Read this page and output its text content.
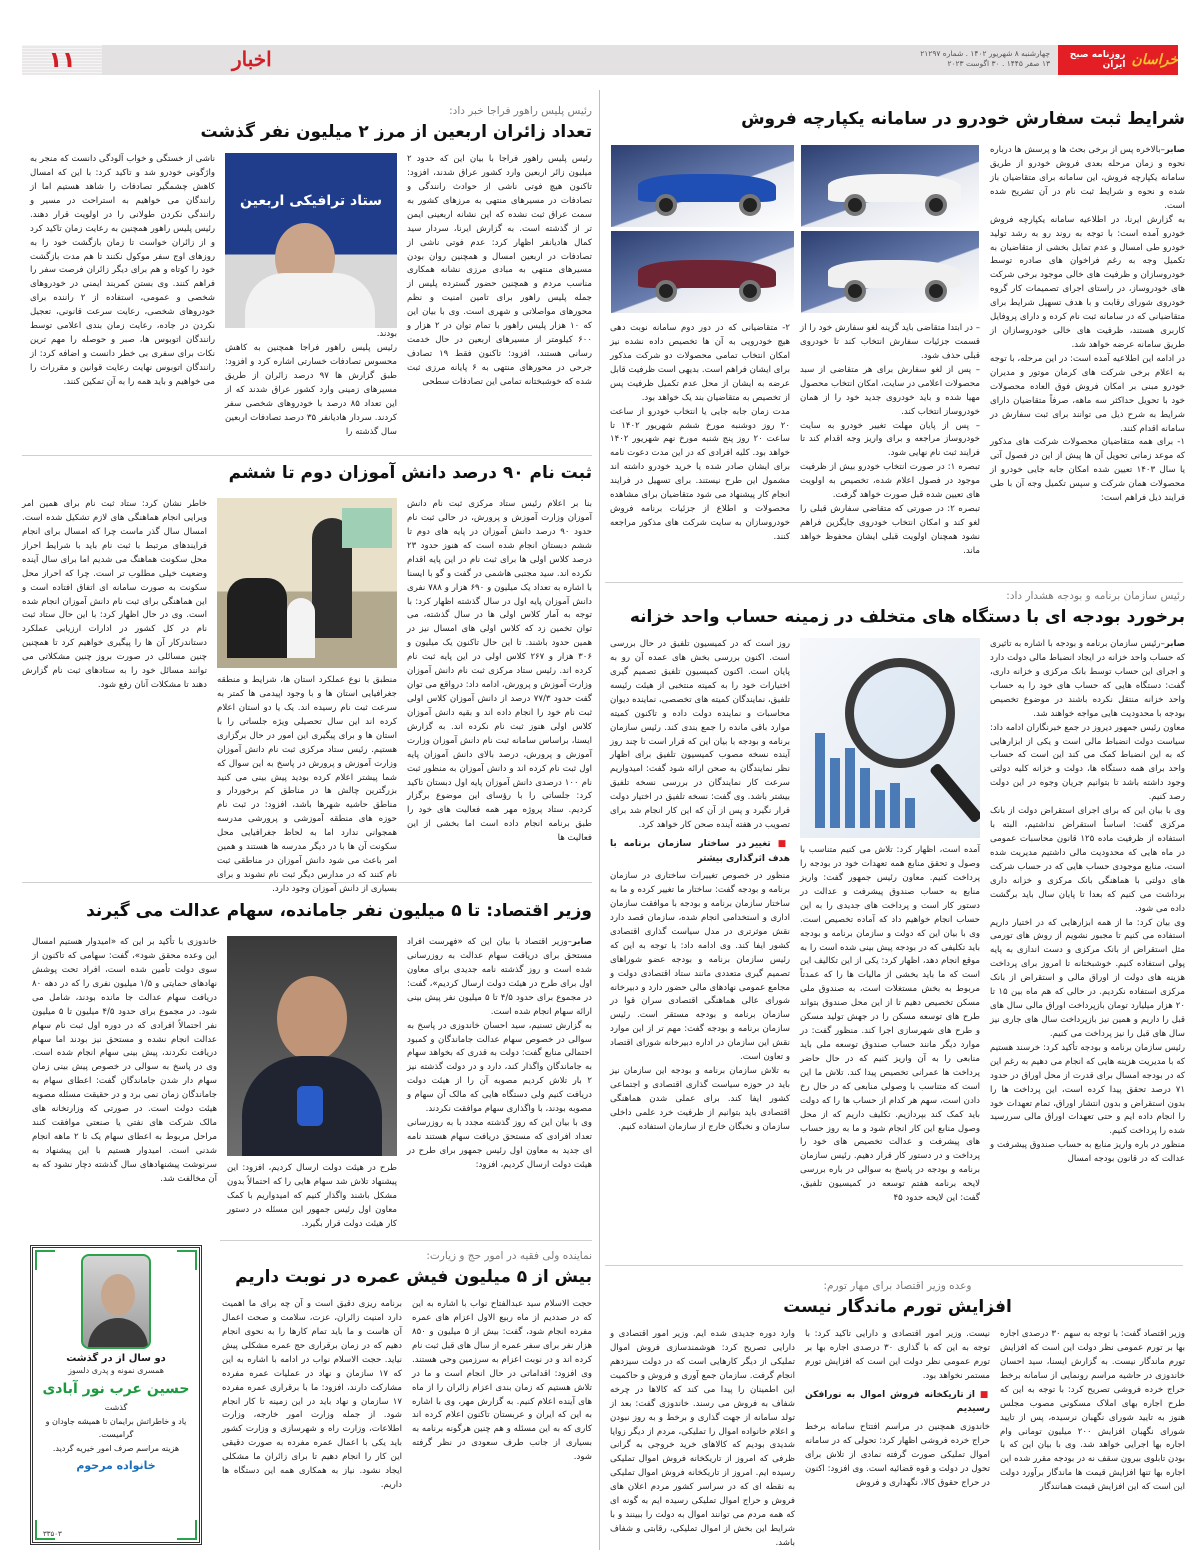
خراسان
روزنامه صبح ایران
چهارشنبه ۸ شهریور ۱۴۰۲ . شماره ۲۱۲۹۷
۱۳ صفر ۱۴۴۵ . ۳۰ اگوست ۲۰۲۳
اخبار
۱۱
شرایط ثبت سفارش خودرو در سامانه یکپارچه فروش
صابر–بالاخره پس از برخی بحث ها و پرسش ها درباره نحوه و زمان مرحله بعدی فروش خودرو از طریق سامانه یکپارچه فروش، این سامانه برای متقاضیان باز شده و نحوه و شرایط ثبت نام در آن تشریح شده است.
به گزارش ایرنا، در اطلاعیه سامانه یکپارچه فروش خودرو آمده است: با توجه به روند رو به رشد تولید خودرو طی امسال و عدم تمایل بخشی از متقاضیان به تکمیل وجه به رغم فراخوان های صادره توسط خودروسازان و ظرفیت های خالی موجود برخی شرکت های خودروساز، در راستای اجرای تصمیمات کار گروه خودروی شورای رقابت و با هدف تسهیل شرایط برای متقاضیانی که در سامانه ثبت نام کرده و دارای پروفایل کاربری هستند، ظرفیت های خالی خودروسازان از طریق سامانه عرضه خواهد شد.
در ادامه این اطلاعیه آمده است: در این مرحله، با توجه به اعلام برخی شرکت های کرمان موتور و مدیران خودرو مبنی بر امکان فروش فوق العاده محصولات خود با تحویل حداکثر سه ماهه، صرفاً متقاضیان دارای شرایط به شرح ذیل می توانند برای ثبت سفارش در سامانه اقدام کنند.
۱- برای همه متقاضیان محصولات شرکت های مذکور که موعد زمانی تحویل آن ها پیش از این در فصول آتی یا سال ۱۴۰۳ تعیین شده امکان جابه جایی خودرو از محصولات همان شرکت و سپس تکمیل وجه آن با طی فرایند ذیل فراهم است:
– در ابتدا متقاضی باید گزینه لغو سفارش خود را از قسمت جزئیات سفارش انتخاب کند تا خودروی قبلی حذف شود.
– پس از لغو سفارش برای هر متقاضی از سبد محصولات اعلامی در سایت، امکان انتخاب محصول مهیا شده و باید خودروی جدید خود را از همان خودروساز انتخاب کند.
– پس از پایان مهلت تغییر خودرو به سایت خودروساز مراجعه و برای واریز وجه اقدام کند تا فرایند ثبت نام نهایی شود.
تبصره ۱: در صورت انتخاب خودرو بیش از ظرفیت موجود در فصول اعلام شده، تخصیص به اولویت های تعیین شده قبل صورت خواهد گرفت.
تبصره ۲: در صورتی که متقاضی سفارش قبلی را لغو کند و امکان انتخاب خودروی جایگزین فراهم نشود همچنان اولویت قبلی ایشان محفوظ خواهد ماند.
۲- متقاضیانی که در دور دوم سامانه نوبت دهی هیچ خودرویی به آن ها تخصیص داده نشده نیز امکان انتخاب تمامی محصولات دو شرکت مذکور برای ایشان فراهم است. بدیهی است ظرفیت قابل عرضه به ایشان از محل عدم تکمیل ظرفیت پس از تخصیص به متقاضیان بند یک خواهد بود.
مدت زمان جابه جایی یا انتخاب خودرو از ساعت ۲۰ روز دوشنبه مورخ ششم شهریور ۱۴۰۲ تا ساعت ۲۰ روز پنج شنبه مورخ نهم شهریور ۱۴۰۲ خواهد بود. کلیه افرادی که در این مدت دعوت نامه برای ایشان صادر شده یا خرید خودرو داشته اند مشمول این طرح نیستند. برای تسهیل در فرایند انجام کار پیشنهاد می شود متقاضیان برای مشاهده محصولات و اطلاع از جزئیات برنامه فروش خودروسازان به سایت شرکت های مذکور مراجعه کنند.
رئیس پلیس راهور فراجا خبر داد:
تعداد زائران اربعین از مرز ۲ میلیون نفر گذشت
رئیس پلیس راهور فراجا با بیان این که حدود ۲ میلیون زائر اربعین وارد کشور عراق شدند، افزود: تاکنون هیچ فوتی ناشی از حوادث رانندگی و تصادفات در مسیرهای منتهی به مرزهای کشور به سمت عراق ثبت نشده که این نشانه اربعینی ایمن تر از گذشته است. به گزارش ایرنا، سردار سید کمال هادیانفر اظهار کرد: عدم فوتی ناشی از تصادفات در اربعین امسال و همچنین روان بودن مسیرهای منتهی به مبادی مرزی نشانه همکاری مناسب مردم و همچنین حضور گسترده پلیس از جمله پلیس راهور برای تامین امنیت و نظم محورهای مواصلاتی و شهری است. وی با بیان این که ۱۰ هزار پلیس راهور با تمام توان در ۲ هزار و ۶۰۰ کیلومتر از مسیرهای اربعین در حال خدمت رسانی هستند، افزود: تاکنون فقط ۱۹ تصادف جرحی در محورهای منتهی به ۶ پایانه مرزی ثبت شده که خوشبختانه تمامی این تصادفات سطحی
ستاد ترافیکی اربعین
بودند.
رئیس پلیس راهور فراجا همچنین به کاهش محسوس تصادفات خسارتی اشاره کرد و افزود: طبق گزارش ها ۹۷ درصد زائران از طریق مسیرهای زمینی وارد کشور عراق شدند که از این تعداد ۸۵ درصد با خودروهای شخصی سفر کردند. سردار هادیانفر ۳۵ درصد تصادفات اربعین سال گذشته را
ناشی از خستگی و خواب آلودگی دانست که منجر به واژگونی خودرو شد و تاکید کرد: با این که امسال کاهش چشمگیر تصادفات را شاهد هستیم اما از رانندگان می خواهیم به استراحت در مسیر و رانندگی نکردن طولانی را در اولویت قرار دهند. رئیس پلیس راهور همچنین به رعایت زمان تاکید کرد و از زائران خواست تا زمان بازگشت خود را به روزهای اوج سفر موکول نکنند تا هم مدت بازگشت خود را کوتاه و هم برای دیگر زائران فرصت سفر را فراهم کنند. وی بستن کمربند ایمنی در خودروهای شخصی و عمومی، استفاده از ۲ راننده برای خودروهای شخصی، رعایت سرعت قانونی، تعجیل نکردن در جاده، رعایت زمان بندی اعلامی توسط رانندگان اتوبوس ها، صبر و حوصله را مهم ترین نکات برای سفری بی خطر دانست و اضافه کرد: از رانندگان اتوبوس نهایت رعایت قوانین و مقررات را می خواهیم و باید همه را به آن تمکین کنند.
ثبت نام ۹۰ درصد دانش آموزان دوم تا ششم
بنا بر اعلام رئیس ستاد مرکزی ثبت نام دانش آموزان وزارت آموزش و پرورش، در حالی ثبت نام حدود ۹۰ درصد دانش آموزان در پایه های دوم تا ششم دبستان انجام شده است که هنوز حدود ۲۳ درصد کلاس اولی ها برای ثبت نام در این پایه اقدام نکرده اند. سید مجتبی هاشمی در گفت و گو با ایسنا با اشاره به تعداد یک میلیون و ۶۹۰ هزار و ۷۸۸ نفری دانش آموزان پایه اول در سال گذشته اظهار کرد: با توجه به آمار کلاس اولی ها در سال گذشته، می توان تخمین زد که کلاس اولی های امسال نیز در همین حدود باشند. تا این حال تاکنون یک میلیون و ۳۰۶ هزار و ۲۶۷ کلاس اولی در این پایه ثبت نام کرده اند. رئیس ستاد مرکزی ثبت نام دانش آموزان وزارت آموزش و پرورش، ادامه داد: درواقع می توان گفت حدود ۷۷/۳ درصد از دانش آموزان کلاس اولی ثبت نام خود را انجام داده اند و بقیه دانش آموزان کلاس اولی هنوز ثبت نام نکرده اند. به گزارش ایسنا، براساس سامانه ثبت نام دانش آموزان وزارت آموزش و پرورش، درصد بالای دانش آموزان پایه اول ثبت نام کرده اند و دانش آموزان به منظور ثبت نام ۱۰۰ درصدی دانش آموزان پایه اول دبستان تاکید کرد: جلساتی را با رؤسای این موضوع برگزار کردیم. ستاد پروژه مهر همه فعالیت های خود را طبق برنامه انجام داده است اما بخشی از این فعالیت ها
منطبق با نوع عملکرد استان ها، شرایط و منطقه جغرافیایی استان ها و با وجود اپیدمی ها کمتر به سرعت ثبت نام رسیده اند. یک یا دو استان اعلام کرده اند این سال تحصیلی ویژه جلساتی را با استان ها و برای پیگیری این امور در حال برگزاری هستیم. رئیس ستاد مرکزی ثبت نام دانش آموزان وزارت آموزش و پرورش در پاسخ به این سوال که شما پیشتر اعلام کرده بودید پیش بینی می کنید بزرگترین چالش ها در مناطق کم برخوردار و مناطق حاشیه شهرها باشد، افزود: در ثبت نام حوزه های منطقه آموزشی و پرورشی مدرسه همجوانی ندارد اما به لحاظ جغرافیایی محل سکونت آن ها با در دیگر مدرسه ها هستند و همین امر باعث می شود دانش آموزان در مناطقی ثبت نام کنند که در مدارس دیگر ثبت نام نشوند و برای بسیاری از دانش آموزان وجود دارد.
خاطر نشان کرد: ستاد ثبت نام برای همین امر ویرایی انجام هماهنگی های لازم تشکیل شده است. امسال سال گذر ماست چرا که امسال برای انجام فرایندهای مرتبط با ثبت نام باید با شرایط احراز محل سکونت هماهنگ می شدیم اما برای سال آینده وضعیت خیلی مطلوب تر است. چرا که احراز محل سکونت به صورت سامانه ای اتفاق افتاده است و این هماهنگی برای ثبت نام دانش آموزان انجام شده است. وی در حال اظهار کرد: با این حال ستاد ثبت نام در کل کشور در ادارات ارزیابی عملکرد دستاندرکار آن ها را پیگیری خواهیم کرد تا همچنین چنین مسائلی در صورت بروز چنین مشکلاتی می توانند مسائل خود را به ستادهای ثبت نام گزارش دهند تا مشکلات آنان رفع شود.
رئیس سازمان برنامه و بودجه هشدار داد:
برخورد بودجه ای با دستگاه های متخلف در زمینه حساب واحد خزانه
صابر–رئیس سازمان برنامه و بودجه با اشاره به تاثیری که حساب واحد خزانه در ایجاد انضباط مالی دولت دارد و اجرای این حساب توسط بانک مرکزی و خزانه داری، گفت: دستگاه هایی که حساب های خود را به حساب واحد خزانه منتقل نکرده باشند در موضوع تخصیص بودجه با محدودیت هایی مواجه خواهند شد.
معاون رئیس جمهور دیروز در جمع خبرنگاران ادامه داد: سیاست دولت انضباط مالی است و یکی از ابزارهایی که به این انضباط کمک می کند این است که حساب واحد برای همه دستگاه ها، دولت و خزانه کلیه دولتی وجود داشته باشد تا بتوانیم جریان وجوه در این دولت رصد کنیم.
وی با بیان این که برای اجرای استقراض دولت از بانک مرکزی گفت: اساسأ استقراض نداشتیم، البته با استفاده از ظرفیت ماده ۱۲۵ قانون محاسبات عمومی در ماه هایی که محدودیت مالی داشتیم مدیریت شده است، منابع موجودی حساب هایی که در حساب شرکت های دولتی با هماهنگی بانک مرکزی و خزانه داری برداشت می کنیم که بعدا تا پایان سال باید برگشت داده می شود.
وی بیان کرد: ما از همه ابزارهایی که در اختیار داریم استفاده می کنیم تا مجبور نشویم از روش های تورمی مثل استقراض از بانک مرکزی و دست اندازی به پایه پولی استفاده کنیم. خوشبختانه تا امروز برای پرداخت هزینه های دولت از اوراق مالی و استقراض از بانک مرکزی استفاده نکردیم. در حالی که هم ماه بین ۱۵ تا ۲۰ هزار میلیارد تومان بازپرداخت اوراق مالی سال های قبل را داریم و همین نیز بازپرداخت سال های جاری نیز سال های قبل را نیز پرداخت می کنیم.
رئیس سازمان برنامه و بودجه تأکید کرد: خرسند هستیم که با مدیریت هزینه هایی که انجام می دهیم به رغم این که در بودجه امسال برای قدرت از محل اوراق در حدود ۷۱ درصد تحقق پیدا کرده است، این پرداخت ها را بدون استقراض و بدون انتشار اوراق، تمام تعهدات خود را انجام داده ایم و حتی تعهدات اوراق مالی سررسید شده را پرداخت کنیم.
منظور در باره واریز منابع به حساب صندوق پیشرفت و عدالت که در قانون بودجه امسال
آمده است، اظهار کرد: تلاش می کنیم متناسب با وصول و تحقق منابع همه تعهدات خود در بودجه را پرداخت کنیم. معاون رئیس جمهور گفت: واریز منابع به حساب صندوق پیشرفت و عدالت در دستور کار است و پرداخت های جدیدی را به این حساب انجام خواهیم داد که آماده تخصیص است. وی با بیان این که دولت و سازمان برنامه و بودجه باید تکلیفی که در بودجه پیش بینی شده است را به موقع انجام دهد، اظهار کرد: یکی از این تکالیف این است که ما باید بخشی از مالیات ها را که عمدتاً مربوط به بخش مستغلات است، به صندوق ملی مسکن تخصیص دهیم تا از این محل صندوق بتواند طرح های توسعه مسکن را در جهش تولید مسکن و طرح های شهرسازی اجرا کند. منظور گفت: در موارد دیگر مانند حساب صندوق توسعه ملی باید منابعی را به آن واریز کنیم که در حال حاضر پرداخت ها عمرانی تخصیص پیدا کند. تلاش ما این است که متناسب با وصولی منابعی که در حال رخ دادن است، سهم هر کدام از حساب ها را که دولت باید کمک کند بپردازیم. تکلیف داریم که از محل وصول منابع این کار انجام شود و ما به روز حساب های پیشرفت و عدالت تخصیص های خود را پرداخت و در دستور کار قرار دهیم. رئیس سازمان برنامه و بودجه در پاسخ به سوالی در باره بررسی لایحه برنامه هفتم توسعه در کمیسیون تلفیق، گفت: این لایحه حدود ۴۵
روز است که در کمیسیون تلفیق در حال بررسی است. اکنون بررسی بخش های عمده آن رو به پایان است. اکنون کمیسیون تلفیق تصمیم گیری اختیارات خود را به کمیته منتخبی از هیئت رئیسه تلفیق، نمایندگان کمیته های تخصصی، نماینده دیوان محاسبات و نماینده دولت داده و تاکنون کمیته موارد باقی مانده را جمع بندی کند. رئیس سازمان برنامه و بودجه با بیان این که قرار است تا چند روز آینده نسخه مصوب کمیسیون تلفیق برای اظهار نظر نمایندگان به صحن ارائه شود گفت: امیدواریم سرعت کار نمایندگان در بررسی نسخه تلفیق بیشتر باشد. وی گفت: نسخه تلفیق در اختیار دولت قرار نگیرد و پس از آن که این کار انجام شد برای تصویب در هفته آینده صحن کار خواهد کرد.
■ تغییر در ساختار سازمان برنامه با هدف اثرگذاری بیشتر
منظور در خصوص تغییرات ساختاری در سازمان برنامه و بودجه گفت: ساختار ما تغییر کرده و ما به ساختار سازمان برنامه و بودجه با موافقت سازمان اداری و استخدامی انجام شده، سازمان قصد دارد نقش موثرتری در مدل سیاست گذاری اقتصادی کشور ایفا کند. وی ادامه داد: با توجه به این که رئیس سازمان برنامه و بودجه عضو شوراهای تصمیم گیری متعددی مانند ستاد اقتصادی دولت و مجامع عمومی نهادهای مالی حضور دارد و دبیرخانه شورای عالی هماهنگی اقتصادی سران قوا در سازمان برنامه و بودجه مستقر است. رئیس سازمان برنامه و بودجه گفت: مهم تر از این موارد نقش این سازمان در اداره دبیرخانه شورای اقتصاد و تعاون است.
به تلاش سازمان برنامه و بودجه این سازمان نیز باید در حوزه سیاست گذاری اقتصادی و اجتماعی کشور ایفا کند. برای عملی شدن هماهنگی اقتصادی باید بتوانیم از ظرفیت خرد علمی داخلی سازمان و نخبگان خارج از سازمان استفاده کنیم.
وزیر اقتصاد: تا ۵ میلیون نفر جامانده، سهام عدالت می گیرند
صابر–وزیر اقتصاد با بیان این که «فهرست افراد مستحق برای دریافت سهام عدالت به روزرسانی شده است و روز گذشته نامه جدیدی برای معاون اول برای طرح در هیئت دولت ارسال کردیم»، گفت: در مجموع برای حدود ۴/۵ تا ۵ میلیون نفر پیش بینی ارائه سهام انجام شده است.
به گزارش تسنیم، سید احسان خاندوزی در پاسخ به سوالی در خصوص سهام عدالت جاماندگان و کمبود احتمالی منابع گفت: دولت به قدری که بخواهد سهام به جاماندگان واگذار کند، دارد و در دولت گذشته نیز ۲ بار تلاش کردیم مصوبه آن را از هیئت دولت دریافت کنیم ولی دستگاه هایی که مالک آن سهام و مصوبه بودند، با واگذاری سهام موافقت نکردند.
وی با بیان این که روز گذشته مجدد با به روزرسانی تعداد افرادی که مستحق دریافت سهام هستند نامه ای جدید به معاون اول رئیس جمهور برای طرح در هیئت دولت ارسال کردیم، افزود:
طرح در هیئت دولت ارسال کردیم، افزود: این پیشنهاد تلاش شد سهام هایی را که احتمالاً بدون مشکل باشند واگذار کنیم که امیدواریم با کمک معاون اول رئیس جمهور این مسئله در دستور کار هیئت دولت قرار بگیرد.
خاندوزی با تأکید بر این که «امیدوار هستیم امسال این وعده محقق شود»، گفت: سهامی که تاکنون از سوی دولت تأمین شده است، افراد تحت پوشش نهادهای حمایتی و ۱/۵ میلیون نفری را که در دهه ۸۰ دریافت سهام عدالت جا مانده بودند، شامل می شود. در مجموع برای حدود ۴/۵ میلیون تا ۵ میلیون نفر احتمالاً افرادی که در دوره اول ثبت نام سهام عدالت انجام نشده و مستحق نیز بودند اما سهام دریافت نکردند، پیش بینی سهام انجام شده است. وی در پاسخ به سوالی در خصوص پیش بینی زمان سهام دار شدن جاماندگان گفت: اعطای سهام به جاماندگان زمان نمی برد و در حقیقت مسئله مصوبه هیئت دولت است. در صورتی که وزارتخانه های مالک شرکت های نفتی یا صنعتی موافقت کنند مراحل مربوط به اعطای سهام یک تا ۲ ماهه انجام شدنی است. امیدوار هستیم با این پیشنهاد به سرنوشت پیشنهادهای سال گذشته دچار نشود که به آن مخالفت شد.
نماینده ولی فقیه در امور حج و زیارت:
بیش از ۵ میلیون فیش عمره در نوبت داریم
حجت الاسلام سید عبدالفتاح نواب با اشاره به این که در صددیم از ماه ربیع الاول اعزام های عمره مفرده انجام شود، گفت: بیش از ۵ میلیون و ۸۵۰ هزار نفر برای سفر عمره از سال های قبل ثبت نام کرده اند و در نوبت اعزام به سرزمین وحی هستند. وی افزود: اقداماتی در حال انجام است و ما در تلاش هستیم که زمان بندی اعزام زائران را از ماه های آینده اعلام کنیم. به گزارش مهر، وی با اشاره به این که ایران و عربستان تاکنون اعلام کرده اند کاری که به این مسئله و هم چنین هرگونه برنامه به بسیاری از جانب طرف سعودی در نظر گرفته شود.
برنامه ریزی دقیق است و آن چه برای ما اهمیت دارد امنیت زائران، عزت، سلامت و صحت اعمال آن هاست و ما باید تمام کارها را به نحوی انجام دهیم که در زمان برقراری حج عمره مشکلی پیش نیاید. حجت الاسلام نواب در ادامه با اشاره به این که ۱۷ سازمان و نهاد در عملیات عمره مفرده مشارکت دارند، افزود: ما با برقراری عمره مفرده ۱۷ سازمان و نهاد باید در این زمینه تا کار انجام شود. از جمله وزارت امور خارجه، وزارت اطلاعات، وزارت راه و شهرسازی و وزارت کشور باید یکی با اعمال عمره مفرده به صورت دقیقی این کار را انجام دهیم تا برای زائران ما مشکلی ایجاد نشود. نیاز به همکاری همه این دستگاه ها داریم.
وعده وزیر اقتصاد برای مهار تورم:
افزایش تورم ماندگار نیست
وزیر اقتصاد گفت: با توجه به سهم ۳۰ درصدی اجاره بها بر تورم عمومی نظر دولت این است که افزایش تورم ماندگار نیست. به گزارش ایسنا، سید احسان خاندوزی در حاشیه مراسم رونمایی از سامانه برخط حراج خرده فروشی تصریح کرد: با توجه به این که طرح اجاره بهای املاک مسکونی مصوب مجلس هنوز به تایید شورای نگهبان نرسیده، پس از تایید شورای نگهبان افزایش ۲۰۰ میلیون تومانی وام اجاره بها اجرایی خواهد شد. وی با بیان این که با بودن تابلوی بیرون سقف نه در بودجه مقرر شده این اجاره بها تنها افزایش قیمت ها ماندگار برآورد دولت این است که این افزایش قیمت همانندگار
نیست. وزیر امور اقتصادی و دارایی تاکید کرد: با توجه به این که با گذاری ۳۰ درصدی اجاره بها بر تورم عمومی نظر دولت این است که افزایش تورم مستمر نخواهد بود.
■ از تاریکخانه فروش اموال به نورافکن رسیدیم
خاندوزی همچنین در مراسم افتتاح سامانه برخط حراج خرده فروشی اظهار کرد: تحولی که در سامانه اموال تملیکی صورت گرفته نمادی از تلاش برای تحول در دولت و قوه قضائیه است. وی افزود: اکنون در حراج حقوق کالا، نگهداری و فروش
وارد دوره جدیدی شده ایم. وزیر امور اقتصادی و دارایی تصریح کرد: هوشمندسازی فروش اموال تملیکی از دیگر کارهایی است که در دولت سیزدهم انجام گرفت. سازمان جمع آوری و فروش و حاکمیت این اطمینان را پیدا می کند که کالاها در چرخه شفاف به فروش می رسند. خاندوزی گفت: بعد از تولد سامانه از جهت گذاری و برخط و به روز نبودن و اعلام خانواده اموال را تملیکی، مردم از دیگر زوایا شدیدی بودیم که کالاهای خرید خروجی به گرانی ظرفی که امروز از تاریکخانه فروش اموال تملیکی رسیده ایم. امروز از تاریکخانه فروش اموال تملیکی به نقطه ای که در سراسر کشور مردم اعلان های فروش و حراج اموال تملیکی رسیده ایم به گونه ای که همه مردم می توانند اموال به دولت را ببینند و با شرایط این بخش از اموال تملیکی، رقابتی و شفاف باشد.
دو سال از در گذشت
همسری نمونه و پدری دلسوز
حسین عرب نور آبادی
گذشت
یاد و خاطراتش برایمان تا همیشه جاودان و گرامیست.
هزینه مراسم صرف امور خیریه گردید.
خانواده مرحوم
۳۳۵۰۳
